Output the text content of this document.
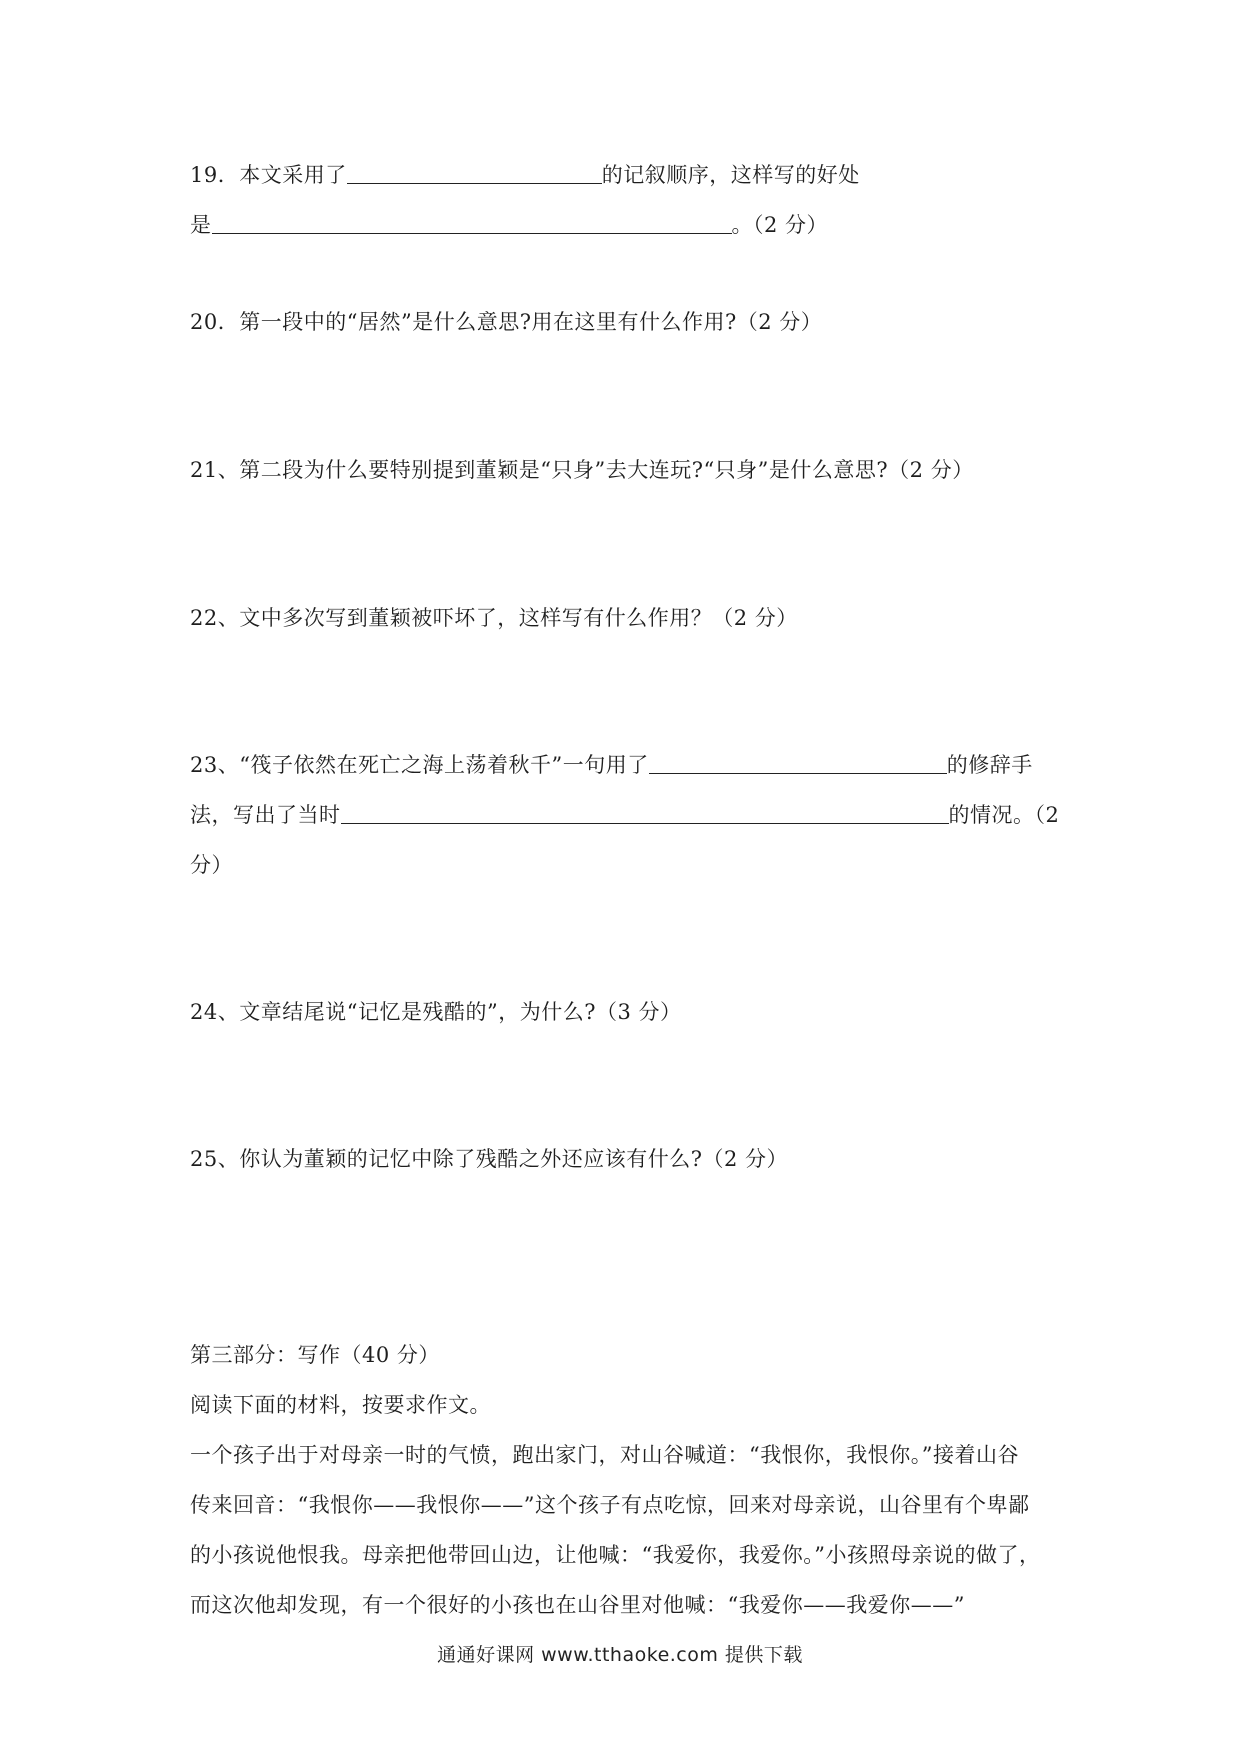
19．本文采用了	的记叙顺序，这样写的好处
是	。（2 分）
20．第一段中的“居然”是什么意思?用在这里有什么作用?（2 分）
21、第二段为什么要特别提到董颖是“只身”去大连玩?“只身”是什么意思?（2 分）
22、文中多次写到董颖被吓坏了，这样写有什么作用？（2 分）
23、“筏子依然在死亡之海上荡着秋千”一句用了	的修辞手
法，写出了当时	的情况。（2
分）
24、文章结尾说“记忆是残酷的”，为什么?（3 分）
25、你认为董颖的记忆中除了残酷之外还应该有什么?（2 分）
第三部分：写作（40 分）
阅读下面的材料，按要求作文。
一个孩子出于对母亲一时的气愤，跑出家门，对山谷喊道：“我恨你，我恨你。”接着山谷
传来回音：“我恨你——我恨你——”这个孩子有点吃惊，回来对母亲说，山谷里有个卑鄙
的小孩说他恨我。母亲把他带回山边，让他喊：“我爱你，我爱你。”小孩照母亲说的做了，
而这次他却发现，有一个很好的小孩也在山谷里对他喊：“我爱你——我爱你——”
通通好课网 www.tthaoke.com 提供下载
